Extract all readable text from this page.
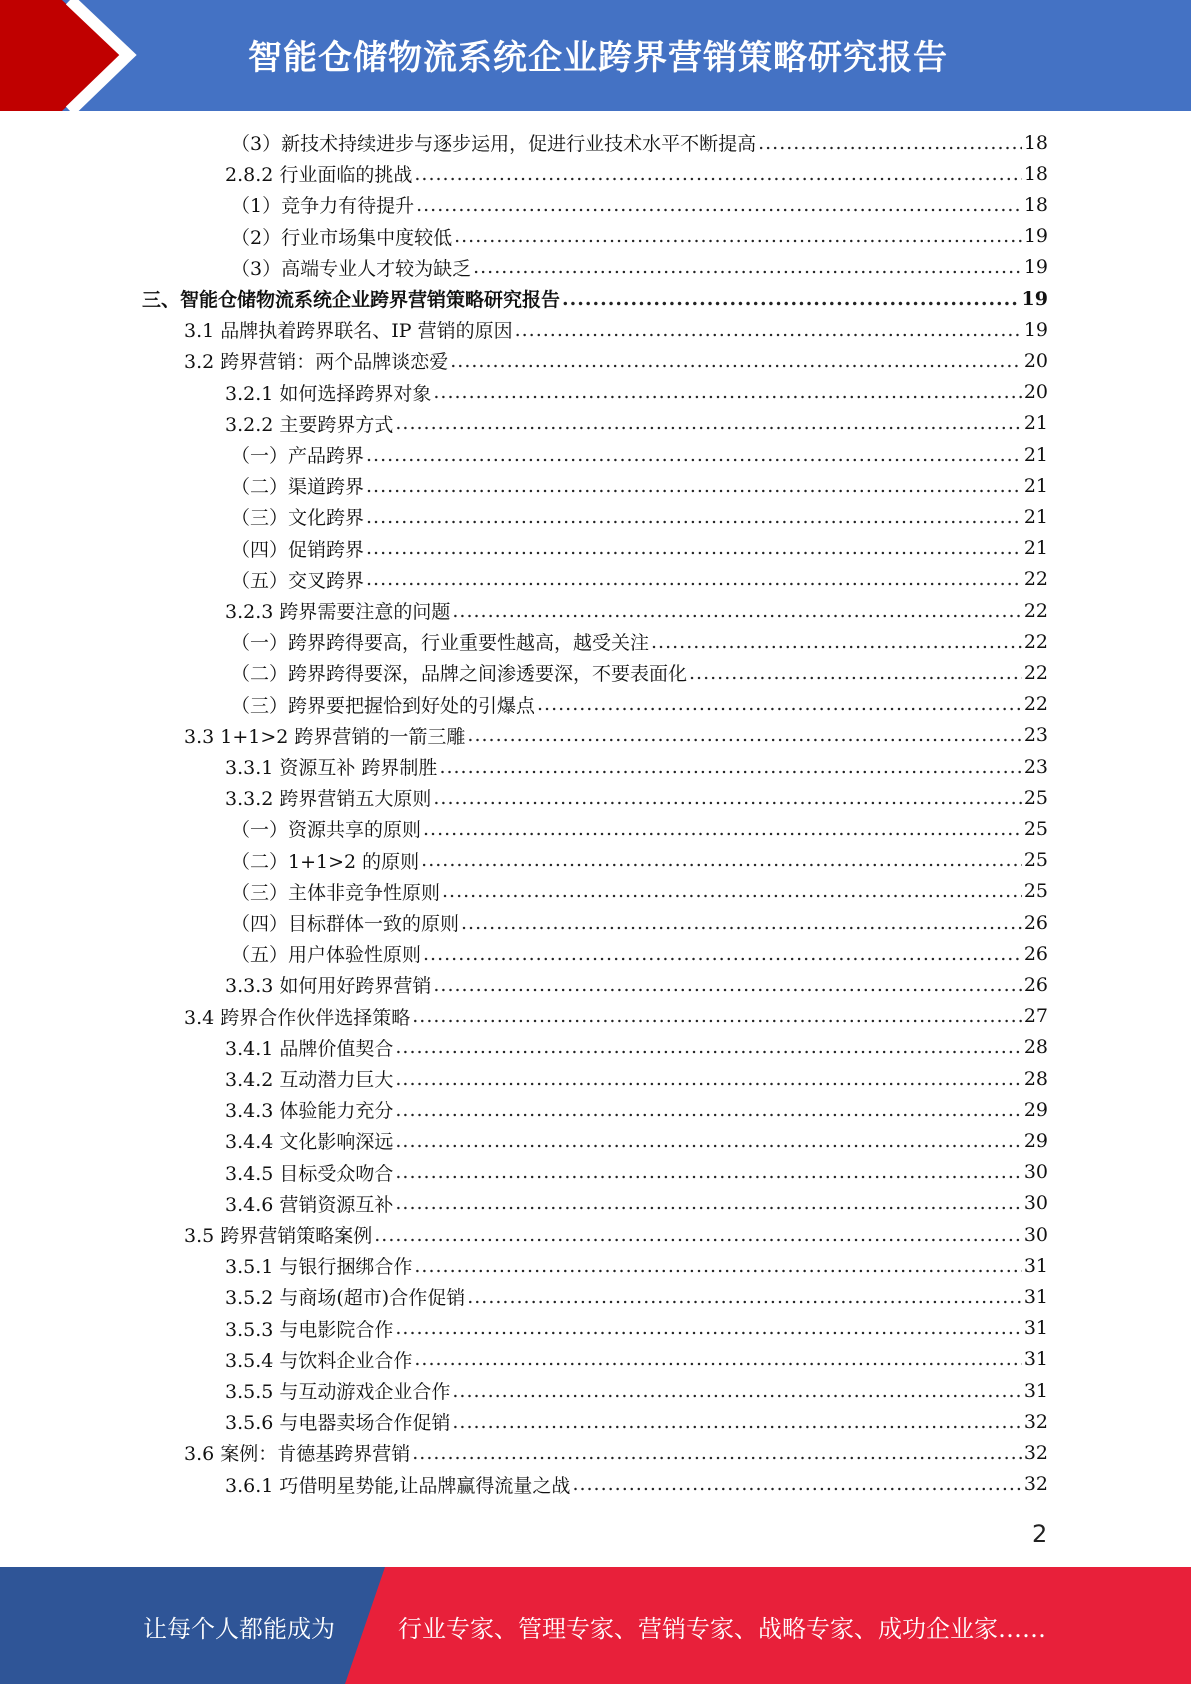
智能仓储物流系统企业跨界营销策略研究报告
（3）新技术持续进步与逐步运用，促进行业技术水平不断提高 .....	18
2.8.2 行业面临的挑战 .....	18
（1）竞争力有待提升 .....	18
（2）行业市场集中度较低 .....	19
（3）高端专业人才较为缺乏 .....	19
三、智能仓储物流系统企业跨界营销策略研究报告 .....	19
3.1 品牌执着跨界联名、IP 营销的原因 .....	19
3.2 跨界营销：两个品牌谈恋爱 .....	20
3.2.1 如何选择跨界对象 .....	20
3.2.2 主要跨界方式 .....	21
（一）产品跨界 .....	21
（二）渠道跨界 .....	21
（三）文化跨界 .....	21
（四）促销跨界 .....	21
（五）交叉跨界 .....	22
3.2.3 跨界需要注意的问题 .....	22
（一）跨界跨得要高，行业重要性越高，越受关注 .....	22
（二）跨界跨得要深，品牌之间渗透要深，不要表面化 .....	22
（三）跨界要把握恰到好处的引爆点 .....	22
3.3 1+1>2 跨界营销的一箭三雕 .....	23
3.3.1 资源互补 跨界制胜 .....	23
3.3.2 跨界营销五大原则 .....	25
（一）资源共享的原则 .....	25
（二）1+1>2 的原则 .....	25
（三）主体非竞争性原则 .....	25
（四）目标群体一致的原则 .....	26
（五）用户体验性原则 .....	26
3.3.3 如何用好跨界营销 .....	26
3.4 跨界合作伙伴选择策略 .....	27
3.4.1 品牌价值契合 .....	28
3.4.2 互动潜力巨大 .....	28
3.4.3 体验能力充分 .....	29
3.4.4 文化影响深远 .....	29
3.4.5 目标受众吻合 .....	30
3.4.6 营销资源互补 .....	30
3.5 跨界营销策略案例 .....	30
3.5.1 与银行捆绑合作 .....	31
3.5.2 与商场(超市)合作促销 .....	31
3.5.3 与电影院合作 .....	31
3.5.4 与饮料企业合作 .....	31
3.5.5 与互动游戏企业合作 .....	31
3.5.6 与电器卖场合作促销 .....	32
3.6 案例：肯德基跨界营销 .....	32
3.6.1 巧借明星势能,让品牌赢得流量之战 .....	32
2
让每个人都能成为	行业专家、管理专家、营销专家、战略专家、成功企业家……
